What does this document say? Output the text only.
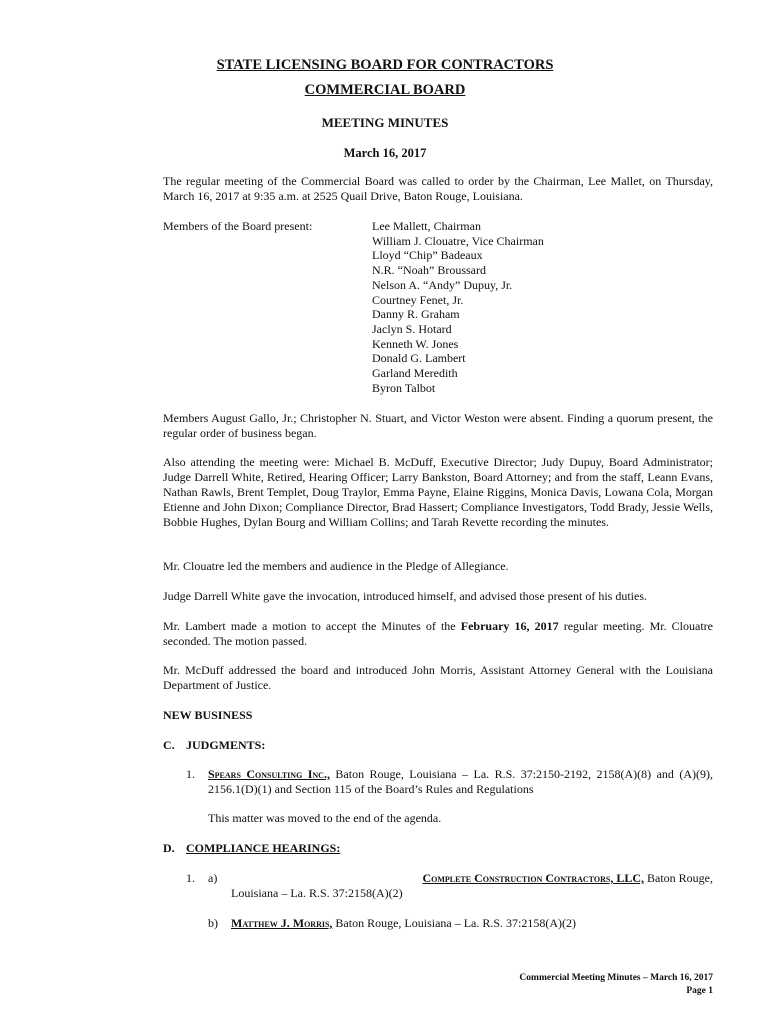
STATE LICENSING BOARD FOR CONTRACTORS
COMMERCIAL BOARD
MEETING MINUTES
March 16, 2017
The regular meeting of the Commercial Board was called to order by the Chairman, Lee Mallet, on Thursday, March 16, 2017 at 9:35 a.m. at 2525 Quail Drive, Baton Rouge, Louisiana.
Members of the Board present:	Lee Mallett, Chairman
William J. Clouatre, Vice Chairman
Lloyd “Chip” Badeaux
N.R. “Noah” Broussard
Nelson A. “Andy” Dupuy, Jr.
Courtney Fenet, Jr.
Danny R. Graham
Jaclyn S. Hotard
Kenneth W. Jones
Donald G. Lambert
Garland Meredith
Byron Talbot
Members August Gallo, Jr.; Christopher N. Stuart, and Victor Weston were absent. Finding a quorum present, the regular order of business began.
Also attending the meeting were: Michael B. McDuff, Executive Director; Judy Dupuy, Board Administrator; Judge Darrell White, Retired, Hearing Officer; Larry Bankston, Board Attorney; and from the staff, Leann Evans, Nathan Rawls, Brent Templet, Doug Traylor, Emma Payne, Elaine Riggins, Monica Davis, Lowana Cola, Morgan Etienne and John Dixon; Compliance Director, Brad Hassert; Compliance Investigators, Todd Brady, Jessie Wells, Bobbie Hughes, Dylan Bourg and William Collins; and Tarah Revette recording the minutes.
Mr. Clouatre led the members and audience in the Pledge of Allegiance.
Judge Darrell White gave the invocation, introduced himself, and advised those present of his duties.
Mr. Lambert made a motion to accept the Minutes of the February 16, 2017 regular meeting. Mr. Clouatre seconded. The motion passed.
Mr. McDuff addressed the board and introduced John Morris, Assistant Attorney General with the Louisiana Department of Justice.
NEW BUSINESS
C. JUDGMENTS:
1. Spears Consulting Inc., Baton Rouge, Louisiana – La. R.S. 37:2150-2192, 2158(A)(8) and (A)(9), 2156.1(D)(1) and Section 115 of the Board’s Rules and Regulations
This matter was moved to the end of the agenda.
D. COMPLIANCE HEARINGS:
1. a)	Complete Construction Contractors, LLC, Baton Rouge,
Louisiana – La. R.S. 37:2158(A)(2)
b) Matthew J. Morris, Baton Rouge, Louisiana – La. R.S. 37:2158(A)(2)
Commercial Meeting Minutes – March 16, 2017
Page 1
